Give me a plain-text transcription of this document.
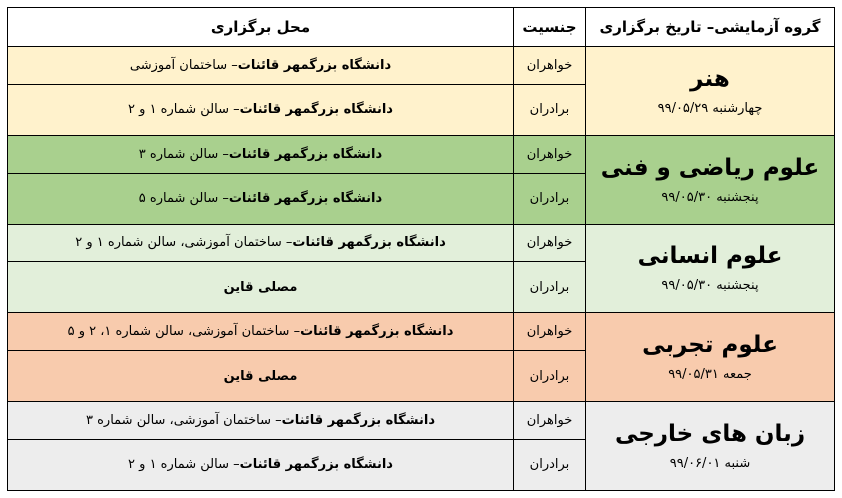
گروه آزمایشی– تاریخ برگزاری	جنسیت	محل برگزاری

هنر
چهارشنبه ۹۹/۰۵/۲۹	خواهران	دانشگاه بزرگمهر قائنات– ساختمان آموزشی
	برادران	دانشگاه بزرگمهر قائنات– سالن شماره ۱ و ۲

علوم ریاضی و فنی
پنجشنبه ۹۹/۰۵/۳۰	خواهران	دانشگاه بزرگمهر قائنات– سالن شماره ۳
	برادران	دانشگاه بزرگمهر قائنات– سالن شماره ۵

علوم انسانی
پنجشنبه ۹۹/۰۵/۳۰	خواهران	دانشگاه بزرگمهر قائنات– ساختمان آموزشی، سالن شماره ۱ و ۲
	برادران	مصلی قاین

علوم تجربی
جمعه ۹۹/۰۵/۳۱	خواهران	دانشگاه بزرگمهر قائنات– ساختمان آموزشی، سالن شماره ۱، ۲ و ۵
	برادران	مصلی قاین

زبان های خارجی
شنبه ۹۹/۰۶/۰۱	خواهران	دانشگاه بزرگمهر قائنات– ساختمان آموزشی، سالن شماره ۳
	برادران	دانشگاه بزرگمهر قائنات– سالن شماره ۱ و ۲
